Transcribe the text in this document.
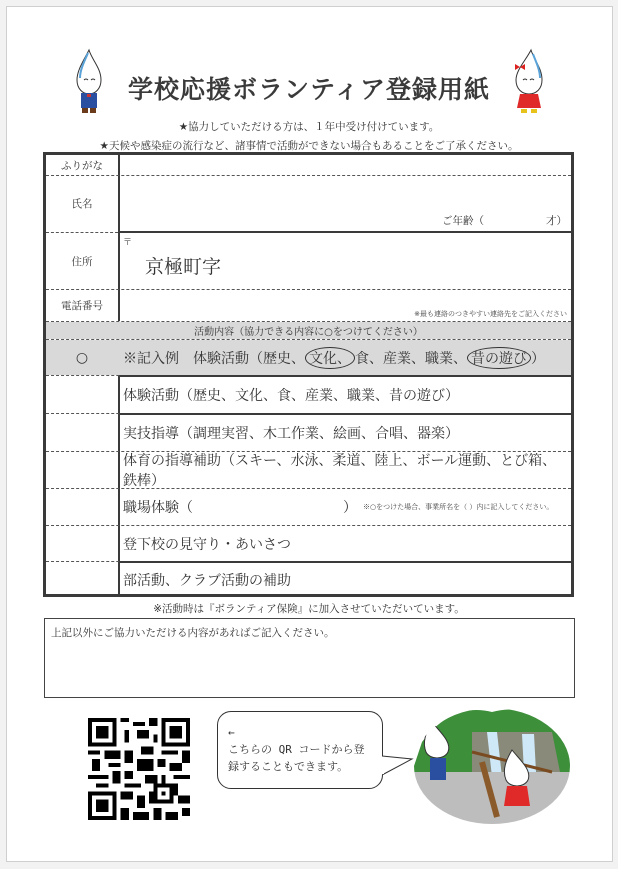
学校応援ボランティア登録用紙
★協力していただける方は、１年中受け付けています。
★天候や感染症の流行など、諸事情で活動ができない場合もあることをご了承ください。
ふりがな
氏名
ご年齢（	才）
住所
〒
京極町字
電話番号
※最も連絡のつきやすい連絡先をご記入ください
活動内容（協力できる内容に○をつけてください）
○	※記入例　体験活動（歴史、 文化、 食、産業、職業、 昔の遊び ）
体験活動（歴史、文化、食、産業、職業、昔の遊び）
実技指導（調理実習、木工作業、絵画、合唱、器楽）
体育の指導補助（スキー、水泳、柔道、陸上、ボール運動、とび箱、鉄棒）
職場体験（	） ※○をつけた場合、事業所名を（ ）内に記入してください。
登下校の見守り・あいさつ
部活動、クラブ活動の補助
※活動時は『ボランティア保険』に加入させていただいています。
上記以外にご協力いただける内容があればご記入ください。
←
こちらの QR コードから登
録することもできます。
